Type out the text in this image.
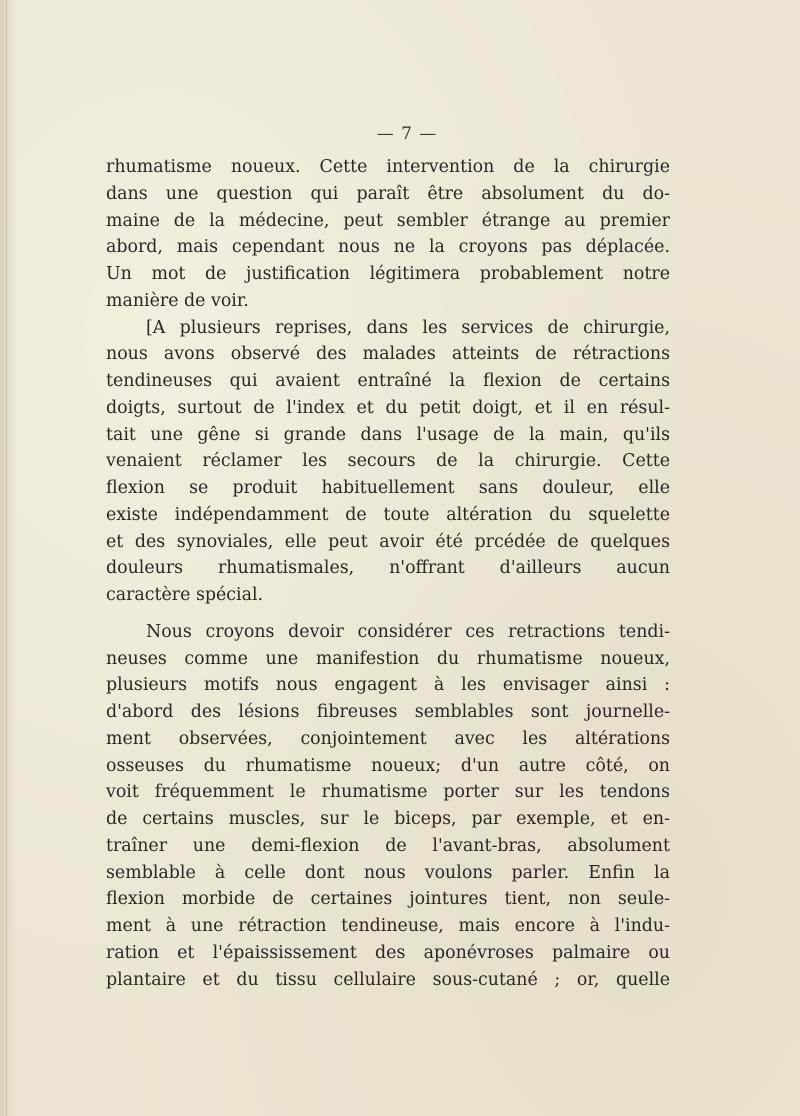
— 7 —
rhumatisme noueux. Cette intervention de la chirurgie
dans une question qui paraît être absolument du do-
maine de la médecine, peut sembler étrange au premier
abord, mais cependant nous ne la croyons pas déplacée.
Un mot de justification légitimera probablement notre
manière de voir.
[A plusieurs reprises, dans les services de chirurgie,
nous avons observé des malades atteints de rétractions
tendineuses qui avaient entraîné la flexion de certains
doigts, surtout de l'index et du petit doigt, et il en résul-
tait une gêne si grande dans l'usage de la main, qu'ils
venaient réclamer les secours de la chirurgie. Cette
flexion se produit habituellement sans douleur, elle
existe indépendamment de toute altération du squelette
et des synoviales, elle peut avoir été prcédée de quelques
douleurs rhumatismales, n'offrant d'ailleurs aucun
caractère spécial.
Nous croyons devoir considérer ces retractions tendi-
neuses comme une manifestion du rhumatisme noueux,
plusieurs motifs nous engagent à les envisager ainsi :
d'abord des lésions fibreuses semblables sont journelle-
ment observées, conjointement avec les altérations
osseuses du rhumatisme noueux; d'un autre côté, on
voit fréquemment le rhumatisme porter sur les tendons
de certains muscles, sur le biceps, par exemple, et en-
traîner une demi-flexion de l'avant-bras, absolument
semblable à celle dont nous voulons parler. Enfin la
flexion morbide de certaines jointures tient, non seule-
ment à une rétraction tendineuse, mais encore à l'indu-
ration et l'épaississement des aponévroses palmaire ou
plantaire et du tissu cellulaire sous-cutané ; or, quelle
